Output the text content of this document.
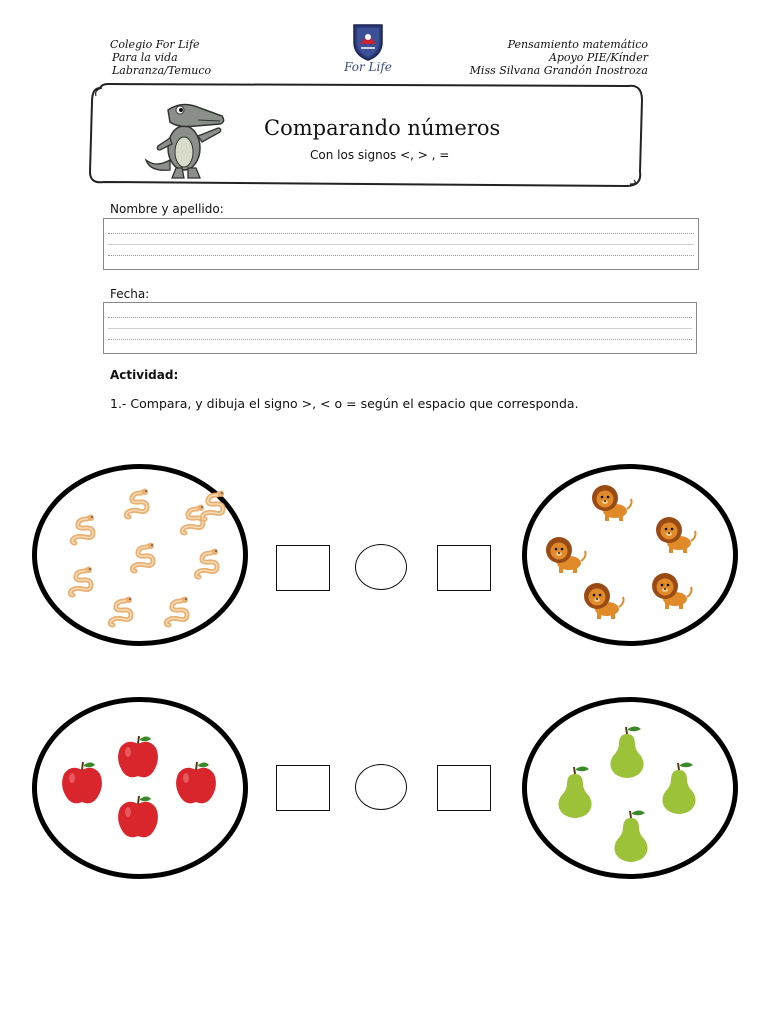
Colegio For Life
Para la vida
Labranza/Temuco	For Life
Pensamiento matemático
Apoyo PIE/Kínder
Miss Silvana Grandón Inostroza
Comparando números
Con los signos <, > , =
Nombre y apellido:
Fecha:
Actividad:
1.- Compara, y dibuja el signo >, < o = según el espacio que corresponda.
